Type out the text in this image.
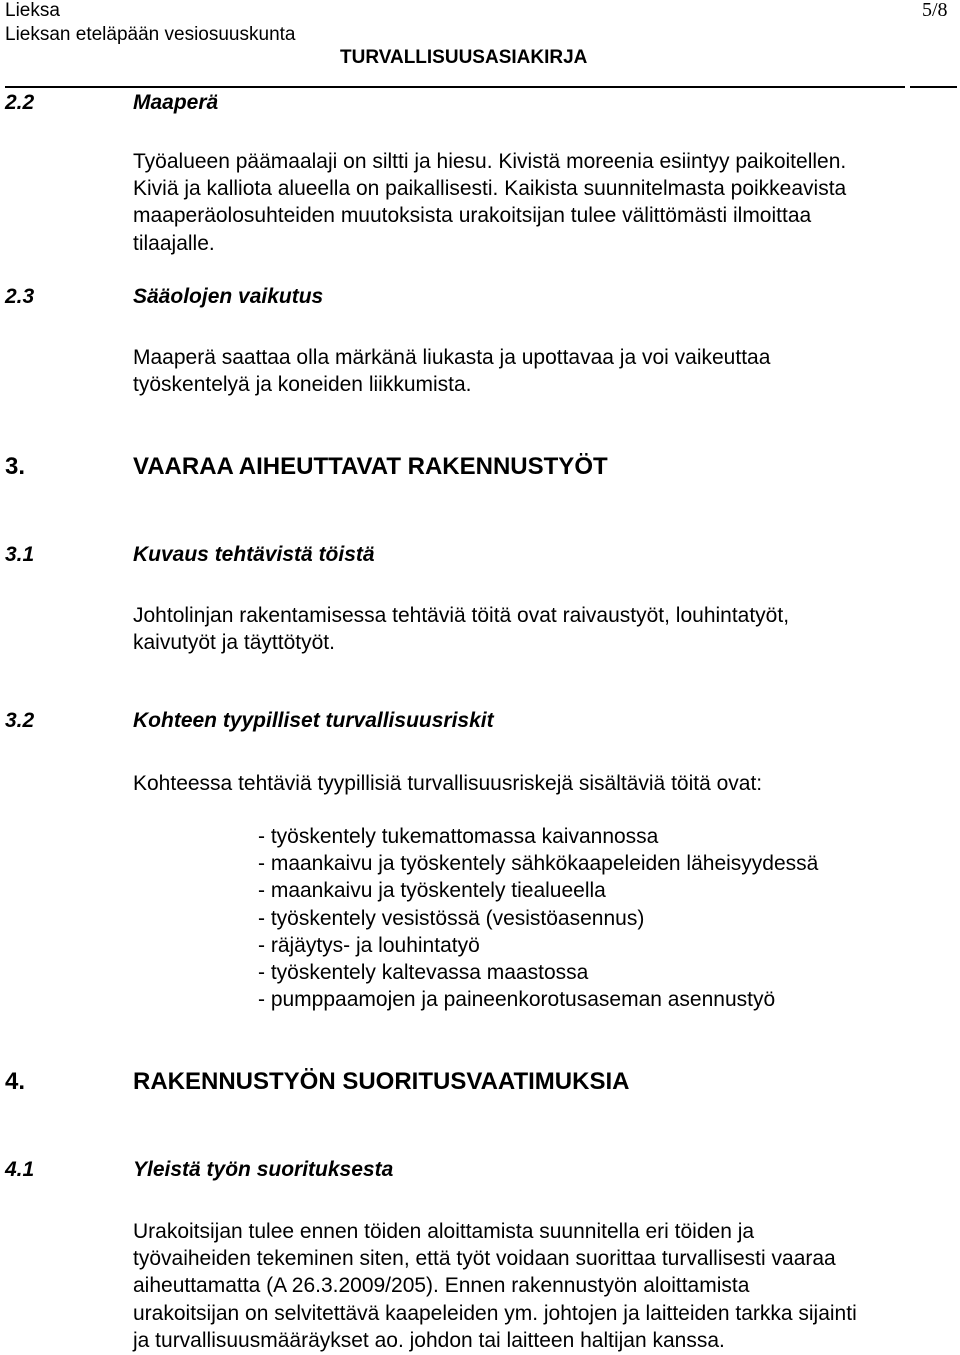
Lieksa
Lieksan eteläpään vesiosuuskunta
5/8
TURVALLISUUSASIAKIRJA
2.2	Maaperä

Työalueen päämaalaji on siltti ja hiesu. Kivistä moreenia esiintyy paikoitellen.

Kiviä ja kalliota alueella on paikallisesti. Kaikista suunnitelmasta poikkeavista

maaperäolosuhteiden muutoksista urakoitsijan tulee välittömästi ilmoittaa

tilaajalle.

2.3	Sääolojen vaikutus

Maaperä saattaa olla märkänä liukasta ja upottavaa ja voi vaikeuttaa

työskentelyä ja koneiden liikkumista.

3.	VAARAA AIHEUTTAVAT RAKENNUSTYÖT
3.1	Kuvaus tehtävistä töistä

Johtolinjan rakentamisessa tehtäviä töitä ovat raivaustyöt, louhintatyöt,

kaivutyöt ja täyttötyöt.

3.2	Kohteen tyypilliset turvallisuusriskit

Kohteessa tehtäviä tyypillisiä turvallisuusriskejä sisältäviä töitä ovat:

- työskentely tukemattomassa kaivannossa
- maankaivu ja työskentely sähkökaapeleiden läheisyydessä
- maankaivu ja työskentely tiealueella
- työskentely vesistössä (vesistöasennus)
- räjäytys- ja louhintatyö
- työskentely kaltevassa maastossa
- pumppaamojen ja paineenkorotusaseman asennustyö
4.	RAKENNUSTYÖN SUORITUSVAATIMUKSIA
4.1	Yleistä työn suorituksesta

Urakoitsijan tulee ennen töiden aloittamista suunnitella eri töiden ja

työvaiheiden tekeminen siten, että työt voidaan suorittaa turvallisesti vaaraa

aiheuttamatta (A 26.3.2009/205). Ennen rakennustyön aloittamista

urakoitsijan on selvitettävä kaapeleiden ym. johtojen ja laitteiden tarkka sijainti

ja turvallisuusmääräykset ao. johdon tai laitteen haltijan kanssa.
